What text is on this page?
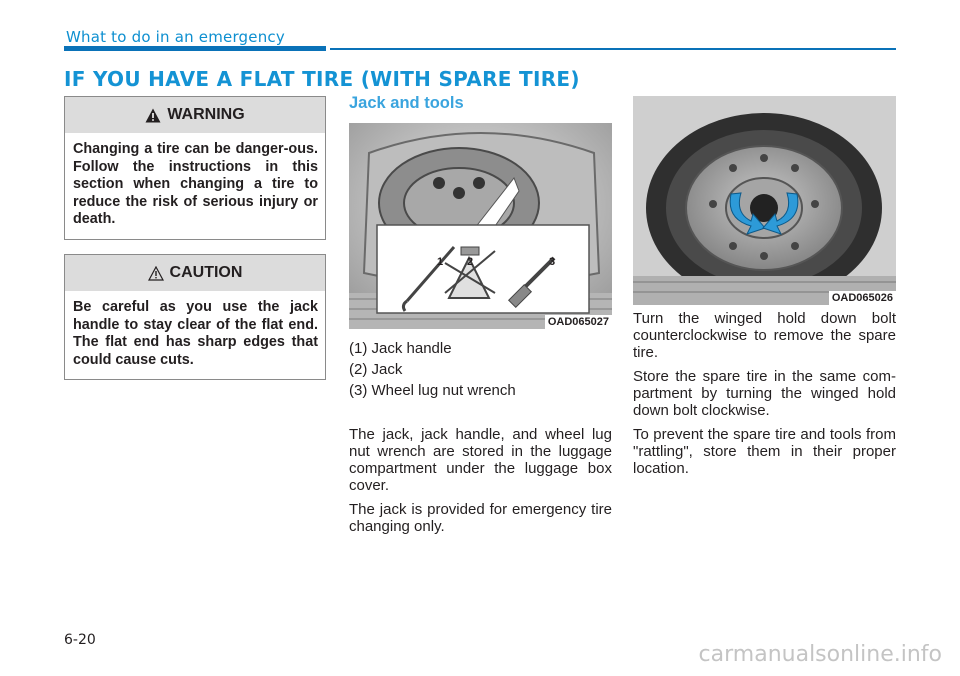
What to do in an emergency
IF YOU HAVE A FLAT TIRE (WITH SPARE TIRE)
WARNING
Changing a tire can be danger-ous. Follow the instructions in this section when changing a tire to reduce the risk of serious injury or death.
CAUTION
Be careful as you use the jack handle to stay clear of the flat end. The flat end has sharp edges that could cause cuts.
Jack and tools
1 2	3
OAD065027
(1) Jack handle
(2) Jack
(3) Wheel lug nut wrench

The jack, jack handle, and wheel lug nut wrench are stored in the luggage compartment under the luggage box cover.

The jack is provided for emergency tire changing only.

OAD065026

Turn the winged hold down bolt counterclockwise to remove the spare tire.

Store the spare tire in the same com-partment by turning the winged hold down bolt clockwise.

To prevent the spare tire and tools from "rattling", store them in their proper location.

6-20
carmanualsonline.info
